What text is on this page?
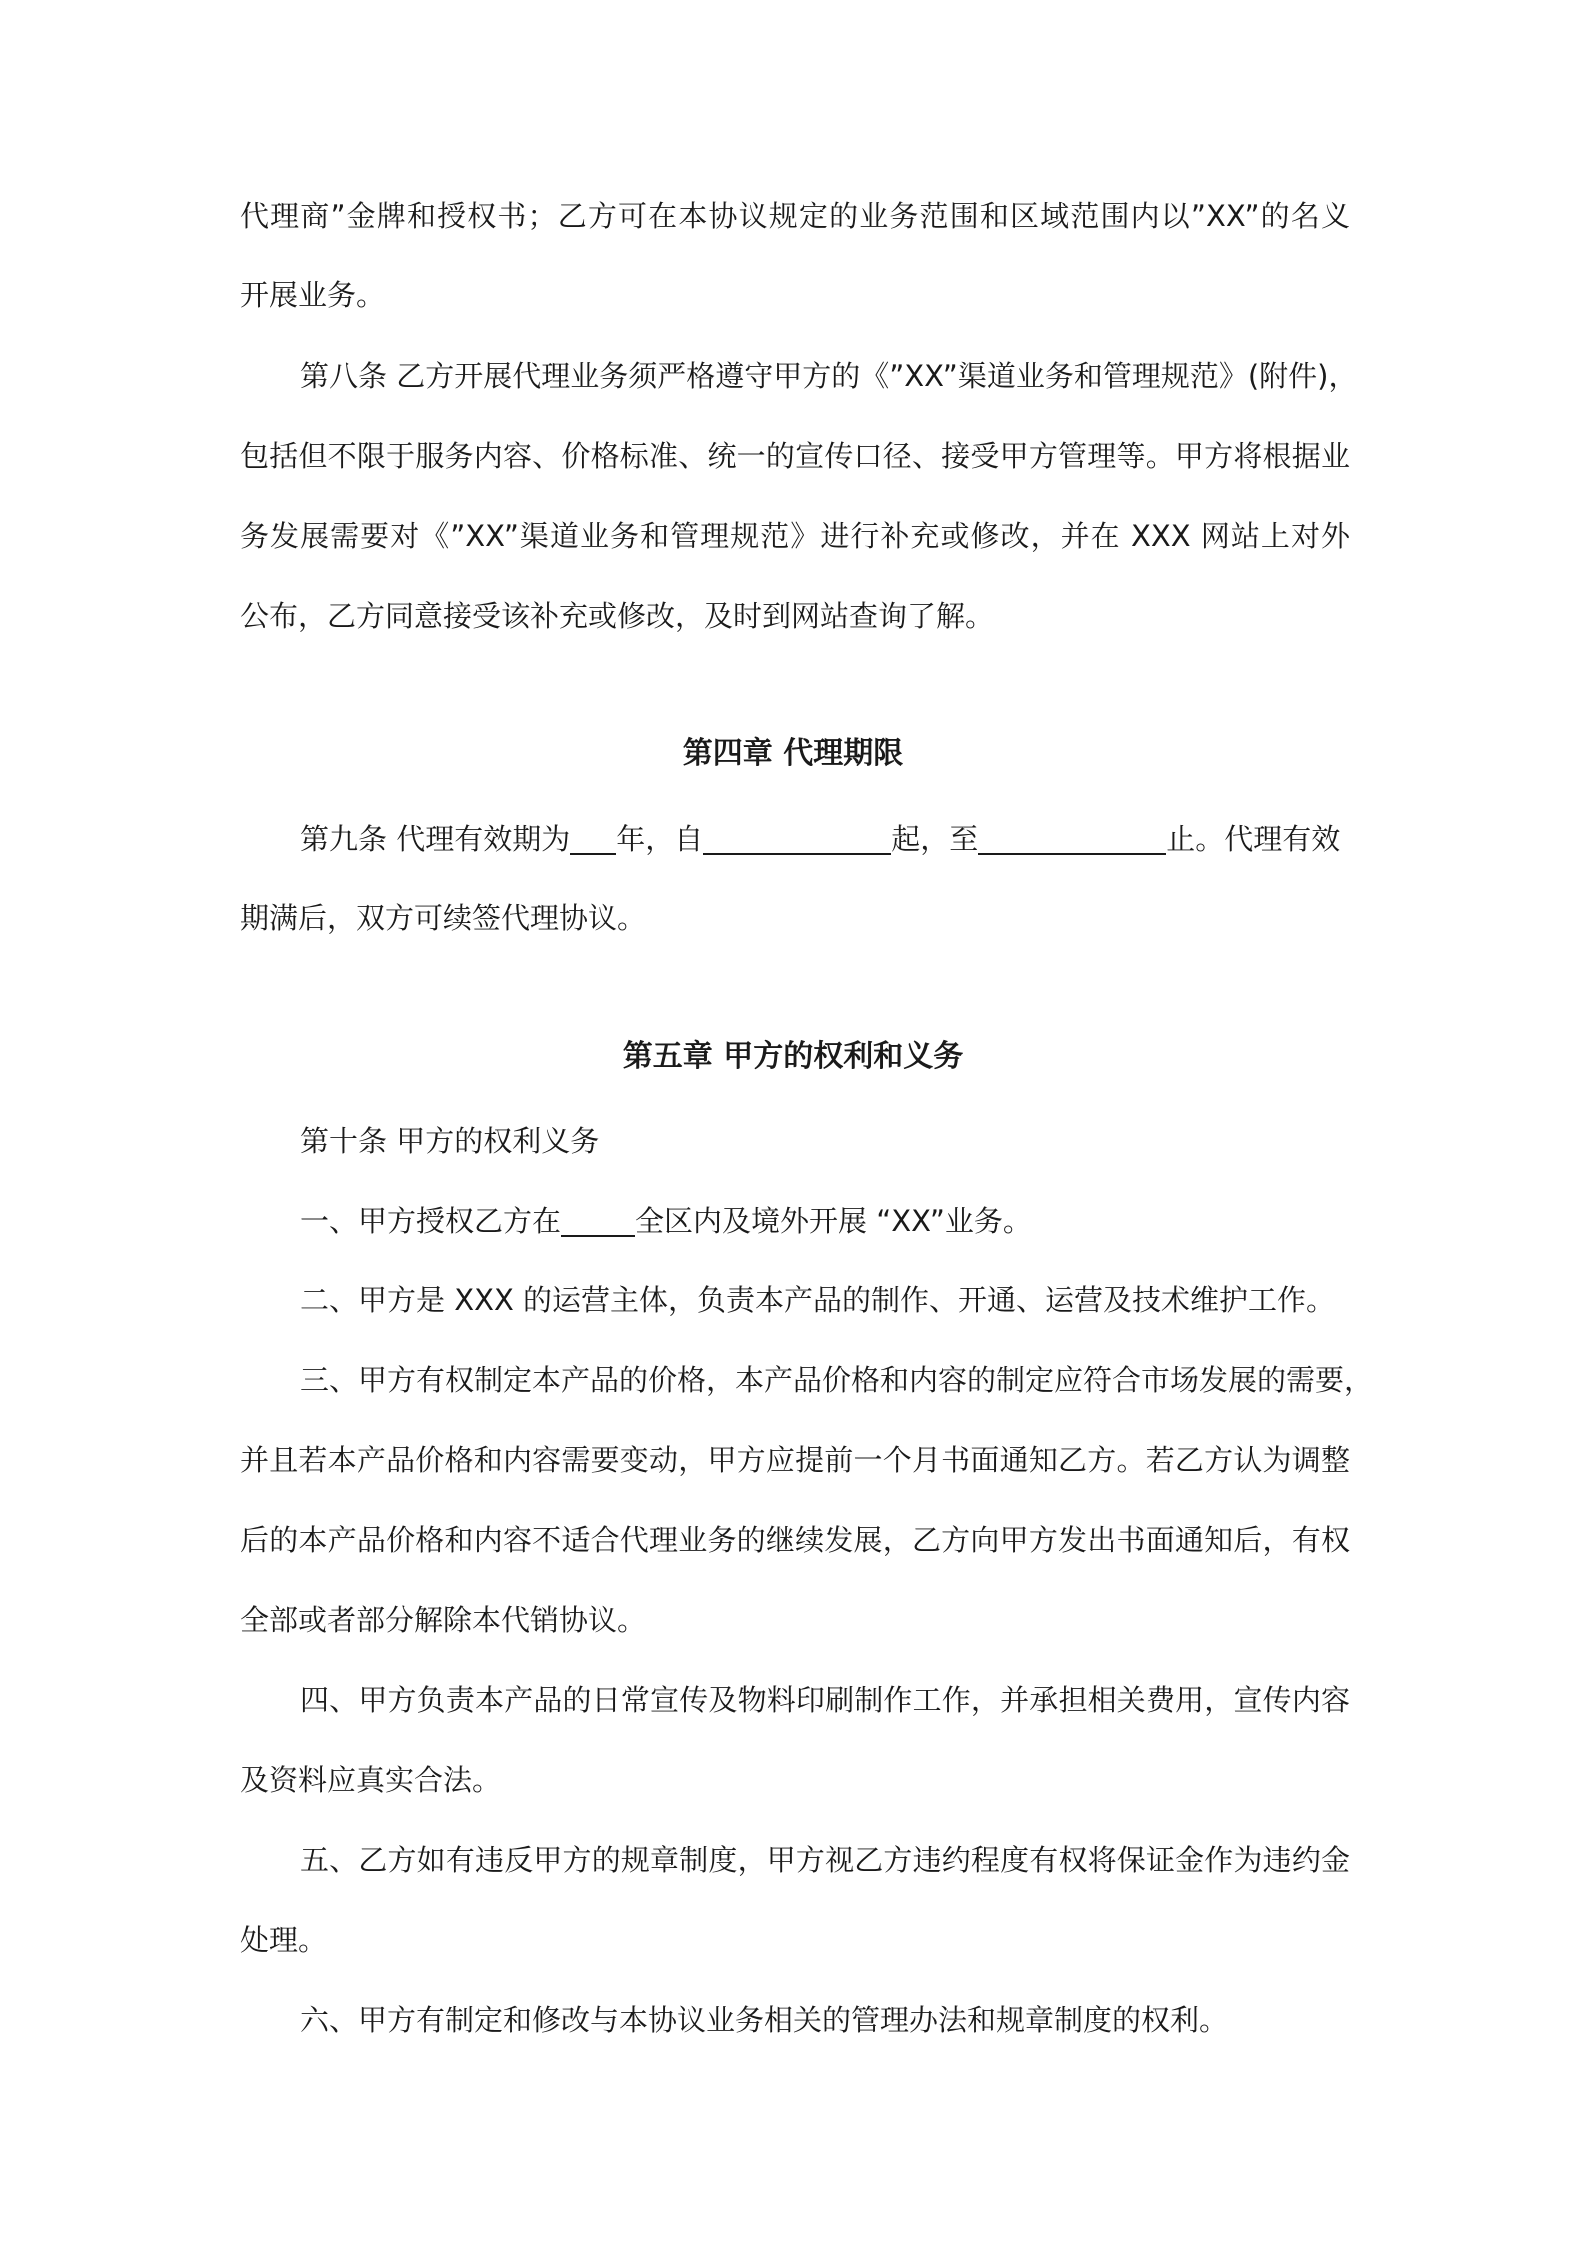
代理商”金牌和授权书；乙方可在本协议规定的业务范围和区域范围内以”XX”的名义
开展业务。
第八条 乙方开展代理业务须严格遵守甲方的《”XX”渠道业务和管理规范》(附件)，
包括但不限于服务内容、价格标准、统一的宣传口径、接受甲方管理等。甲方将根据业
务发展需要对《”XX”渠道业务和管理规范》进行补充或修改，并在 XXX 网站上对外
公布，乙方同意接受该补充或修改，及时到网站查询了解。
第四章 代理期限
第九条 代理有效期为 年，自	起，至	止。代理有效
期满后，双方可续签代理协议。
第五章 甲方的权利和义务
第十条 甲方的权利义务
一、甲方授权乙方在	全区内及境外开展 “XX”业务。
二、甲方是 XXX 的运营主体，负责本产品的制作、开通、运营及技术维护工作。
三、甲方有权制定本产品的价格，本产品价格和内容的制定应符合市场发展的需要，
并且若本产品价格和内容需要变动，甲方应提前一个月书面通知乙方。若乙方认为调整
后的本产品价格和内容不适合代理业务的继续发展，乙方向甲方发出书面通知后，有权
全部或者部分解除本代销协议。
四、甲方负责本产品的日常宣传及物料印刷制作工作，并承担相关费用，宣传内容
及资料应真实合法。
五、乙方如有违反甲方的规章制度，甲方视乙方违约程度有权将保证金作为违约金
处理。
六、甲方有制定和修改与本协议业务相关的管理办法和规章制度的权利。
